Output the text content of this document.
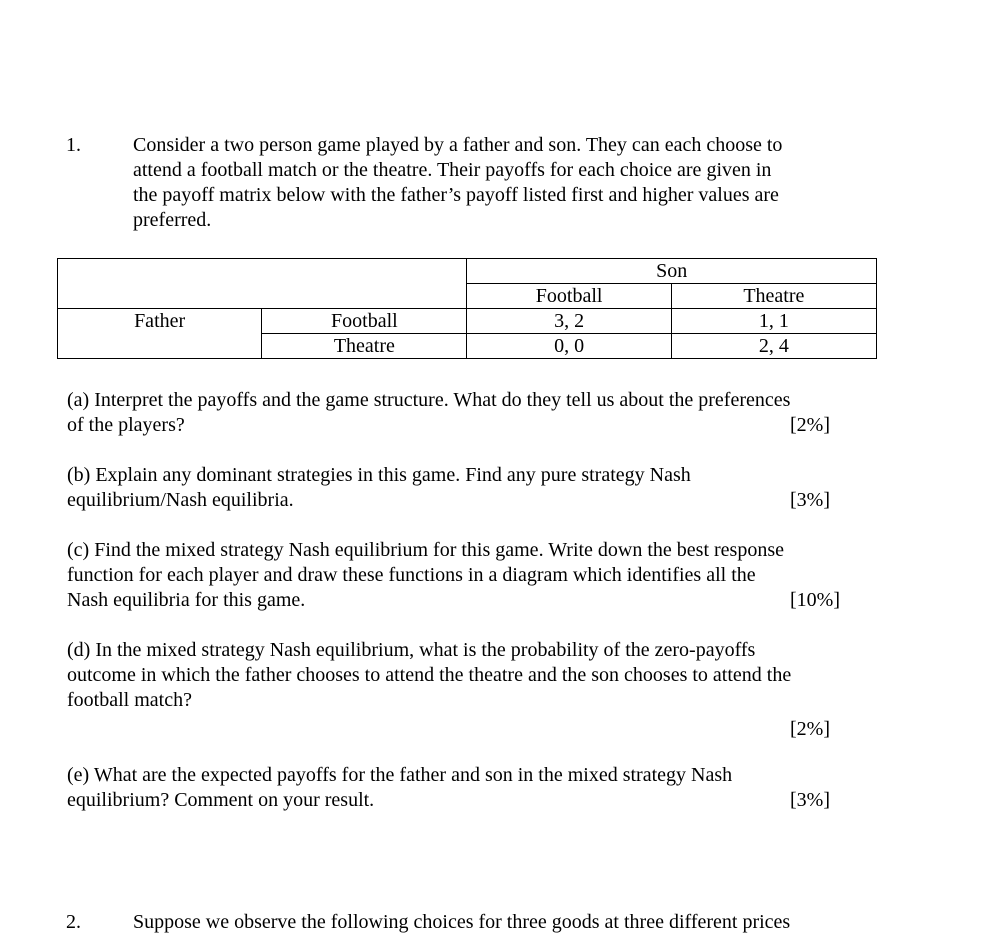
1.	Consider a two person game played by a father and son. They can each choose to
attend a football match or the theatre. Their payoffs for each choice are given in
the payoff matrix below with the father’s payoff listed first and higher values are
preferred.
		Son	
		Football	Theatre
Father	Football	3, 2	1, 1
	Theatre	0, 0	2, 4
(a) Interpret the payoffs and the game structure. What do they tell us about the preferences
of the players?	[2%]
(b) Explain any dominant strategies in this game. Find any pure strategy Nash
equilibrium/Nash equilibria.	[3%]
(c) Find the mixed strategy Nash equilibrium for this game. Write down the best response
function for each player and draw these functions in a diagram which identifies all the
Nash equilibria for this game.	[10%]
(d) In the mixed strategy Nash equilibrium, what is the probability of the zero-payoffs
outcome in which the father chooses to attend the theatre and the son chooses to attend the
football match?
[2%]
(e) What are the expected payoffs for the father and son in the mixed strategy Nash
equilibrium? Comment on your result.	[3%]
2.	Suppose we observe the following choices for three goods at three different prices
